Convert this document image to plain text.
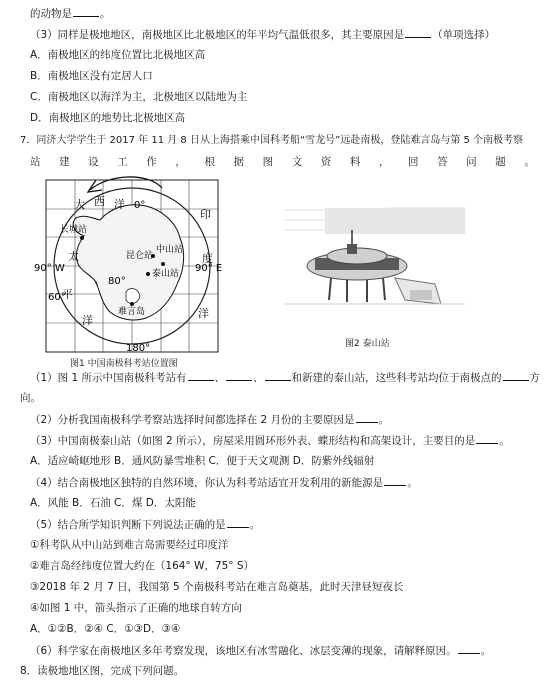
的动物是	。
（3）同样是极地地区，南极地区比北极地区的年平均气温低很多，其主要原因是	（单项选择）
A．南极地区的纬度位置比北极地区高
B．南极地区没有定居人口
C．南极地区以海洋为主，北极地区以陆地为主
D．南极地区的地势比北极地区高
7．同济大学学生于 2017 年 11 月 8 日从上海搭乘中国科考船“雪龙号”远赴南极，登陆难言岛与第 5 个南极考察
站 建 设 工 作 ， 根 据 图 文 资 料 ， 回 答 问 题 。
0°
180°
90° W	90° E
80°
60°
大 西 洋
印
度
洋
太
平
洋
长城站
中山站
昆仑站
泰山站
难言岛
图1 中国南极科考站位置图
图2 泰山站
（1）图 1 所示中国南极科考站有	、	、	和新建的泰山站，这些科考站均位于南极点的	方
向。
（2）分析我国南极科学考察站选择时间都选择在 2 月份的主要原因是 。
（3）中国南极泰山站（如图 2 所示），房屋采用圆环形外表、蝶形结构和高架设计，主要目的是 。
A．适应崎岖地形 B．通风防暴雪堆积 C．便于天文观测 D．防紫外线辐射
（4）结合南极地区独特的自然环境，你认为科考站适宜开发利用的新能源是 。
A．风能 B．石油 C．煤 D．太阳能
（5）结合所学知识判断下列说法正确的是 。
①科考队从中山站到难言岛需要经过印度洋
②难言岛经纬度位置大约在（164° W，75° S）
③2018 年 2 月 7 日，我国第 5 个南极科考站在难言岛奠基，此时天津昼短夜长
④如图 1 中，箭头指示了正确的地球自转方向
A．①②B．②④ C．①③D．③④
（6）科学家在南极地区多年考察发现，该地区有冰雪融化、冰层变薄的现象，请解释原因。 。
8．读极地地区图，完成下列问题。
